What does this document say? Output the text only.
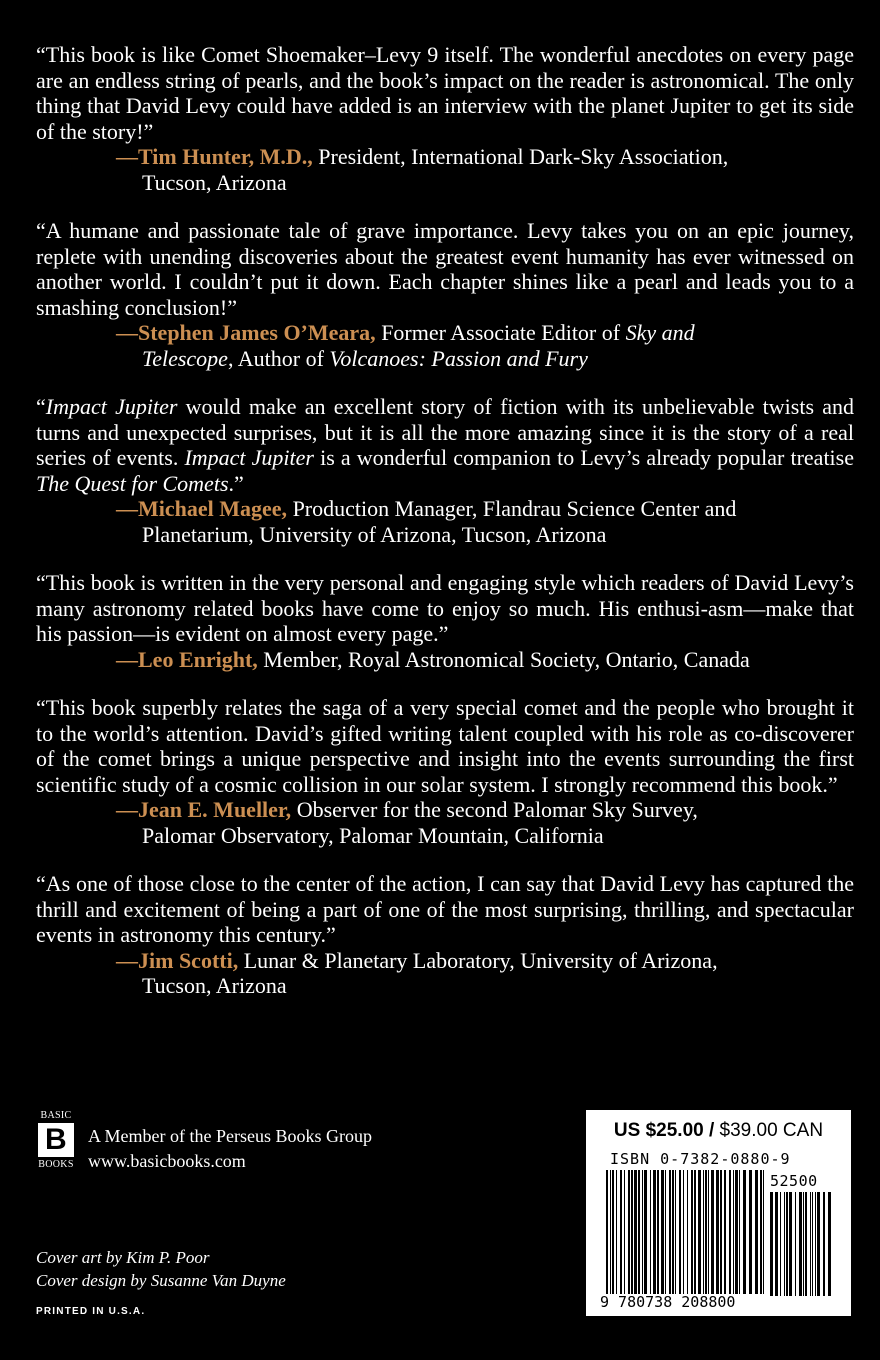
“This book is like Comet Shoemaker–Levy 9 itself. The wonderful anecdotes on every page are an endless string of pearls, and the book’s impact on the reader is astronomical. The only thing that David Levy could have added is an interview with the planet Jupiter to get its side of the story!”
—Tim Hunter, M.D., President, International Dark-Sky Association,
Tucson, Arizona
“A humane and passionate tale of grave importance. Levy takes you on an epic journey, replete with unending discoveries about the greatest event humanity has ever witnessed on another world. I couldn’t put it down. Each chapter shines like a pearl and leads you to a smashing conclusion!”
—Stephen James O’Meara, Former Associate Editor of Sky and
Telescope, Author of Volcanoes: Passion and Fury
“Impact Jupiter would make an excellent story of fiction with its unbelievable twists and turns and unexpected surprises, but it is all the more amazing since it is the story of a real series of events. Impact Jupiter is a wonderful companion to Levy’s already popular treatise The Quest for Comets.”
—Michael Magee, Production Manager, Flandrau Science Center and
Planetarium, University of Arizona, Tucson, Arizona
“This book is written in the very personal and engaging style which readers of David Levy’s many astronomy related books have come to enjoy so much. His enthusi-asm—make that his passion—is evident on almost every page.”
—Leo Enright, Member, Royal Astronomical Society, Ontario, Canada
“This book superbly relates the saga of a very special comet and the people who brought it to the world’s attention. David’s gifted writing talent coupled with his role as co-discoverer of the comet brings a unique perspective and insight into the events surrounding the first scientific study of a cosmic collision in our solar system. I strongly recommend this book.”
—Jean E. Mueller, Observer for the second Palomar Sky Survey,
Palomar Observatory, Palomar Mountain, California
“As one of those close to the center of the action, I can say that David Levy has captured the thrill and excitement of being a part of one of the most surprising, thrilling, and spectacular events in astronomy this century.”
—Jim Scotti, Lunar & Planetary Laboratory, University of Arizona,
Tucson, Arizona
BASIC
B
BOOKS
A Member of the Perseus Books Group
www.basicbooks.com
Cover art by Kim P. Poor
Cover design by Susanne Van Duyne
PRINTED IN U.S.A.
US $25.00 / $39.00 CAN
ISBN 0-7382-0880-9
52500
9 780738 208800
